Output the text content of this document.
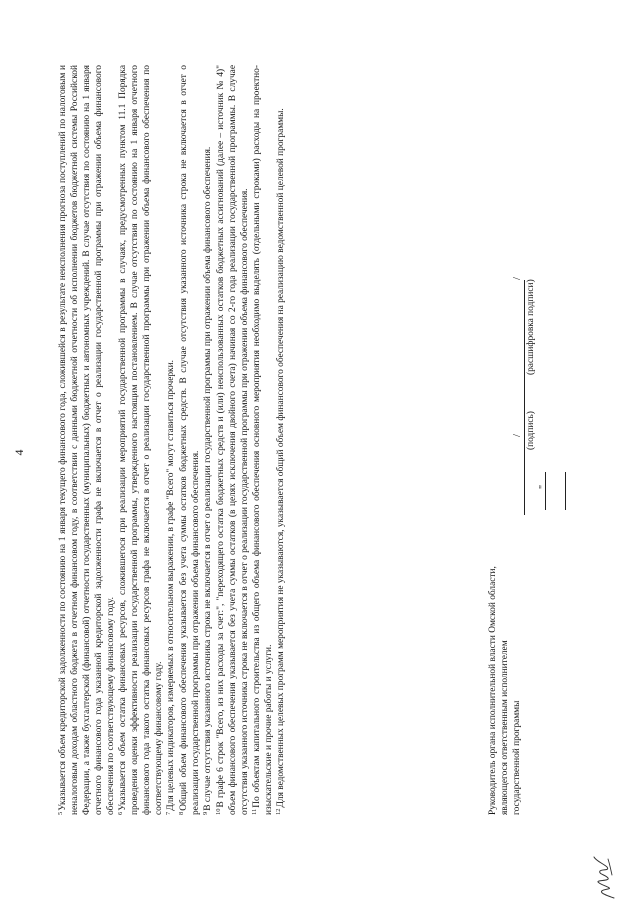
4

$^5$Указывается объем кредиторской задолженности по состоянию на 1 января текущего финансового года, сложившейся в результате неисполнения прогноза поступлений по налоговым и неналоговым доходам областного бюджета в отчетном финансовом году, в соответствии с данными бюджетной отчетности об исполнении бюджетов бюджетной системы Российской Федерации, а также бухгалтерской (финансовой) отчетности государственных (муниципальных) бюджетных и автономных учреждений. В случае отсутствия по состоянию на 1 января отчетного финансового года указанной кредиторской задолженности графа не включается в отчет о реализации государственной программы при отражении объема финансового обеспечения по соответствующему финансовому году. $^6$Указывается объем остатка финансовых ресурсов, сложившегося при реализации мероприятий государственной программы в случаях, предусмотренных пунктом 11.1 Порядка проведения оценки эффективности реализации государственной программы, утвержденного настоящим постановлением. В случае отсутствия по состоянию на 1 января отчетного финансового года такого остатка финансовых ресурсов графа не включается в отчет о реализации государственной программы при отражении объема финансового обеспечения по соответствующему финансовому году. $^7$Для целевых индикаторов, измеряемых в относительном выражении, в графе "Всего" могут ставиться прочерки.

$^8$Общий объем финансового обеспечения указывается без учета суммы остатков бюджетных средств. В случае отсутствия указанного источника строка не включается в отчет о реализации государственной программы при отражении объема финансового обеспечения. $^9$В случае отсутствия указанного источника строка не включается в отчет о реализации государственной программы при отражении объема финансового обеспечения.

$^{10}$В графе 6 строк "Всего, из них расходы за счет:", "переходящего остатка бюджетных средств и (или) неиспользованных остатков бюджетных ассигнований (далее – источник № 4)" объем финансового обеспечения указывается без учета суммы остатков (в целях исключения двойного счета) начиная со 2-го года реализации государственной программы. В случае отсутствия указанного источника строка не включается в отчет о реализации государственной программы при отражении объема финансового обеспечения. $^{11}$По объектам капитального строительства из общего объема финансового обеспечения основного мероприятия необходимо выделять (отдельными строками) расходы на проектно-изыскательские и прочие работы и услуги. $^{12}$Для ведомственных целевых программ мероприятия не указываются, указывается общий объем финансового обеспечения на реализацию ведомственной целевой программы.	Руководитель органа исполнительной власти Омской области, являющегося ответственным исполнителем государственной программы
/
/
(подпись)
(расшифровка подписи)
"
